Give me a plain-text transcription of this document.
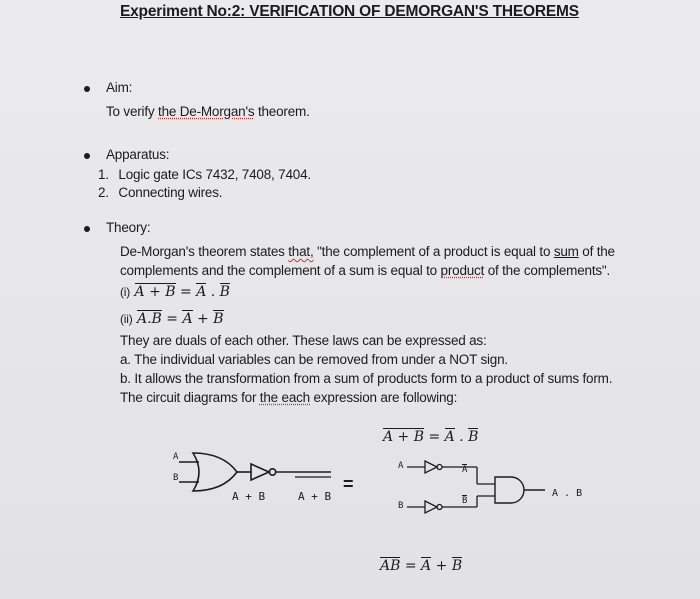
Experiment No:2: VERIFICATION OF DEMORGAN'S THEOREMS
Aim:
To verify the De-Morgan's theorem.
Apparatus:
1. Logic gate ICs 7432, 7408, 7404.
2. Connecting wires.
Theory:
De-Morgan's theorem states that, "the complement of a product is equal to sum of the
complements and the complement of a sum is equal to product of the complements".
(i) A + B = A . B
(ii) A.B = A + B
They are duals of each other. These laws can be expressed as:
a. The individual variables can be removed from under a NOT sign.
b. It allows the transformation from a sum of products form to a product of sums form.
The circuit diagrams for the each expression are following:
A + B = A . B
A
B
A + B	A + B
=
A
B
A
B
A . B
AB = A + B
